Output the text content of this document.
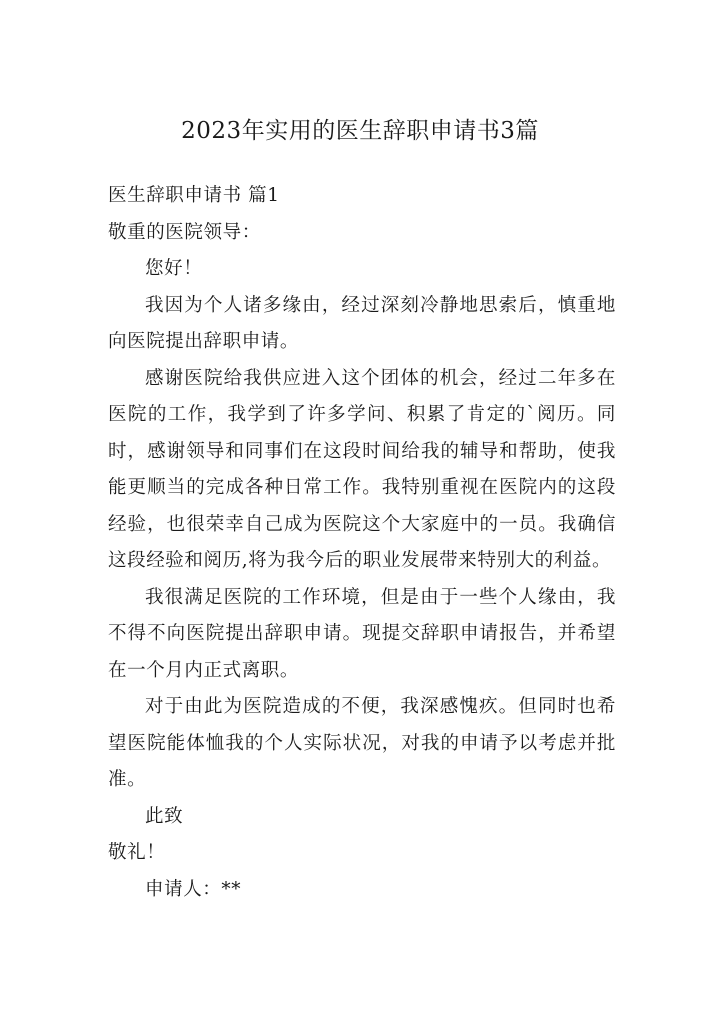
2023年实用的医生辞职申请书3篇

医生辞职申请书 篇1

敬重的医院领导：

您好！

我因为个人诸多缘由，经过深刻冷静地思索后，慎重地向医院提出辞职申请。

感谢医院给我供应进入这个团体的机会，经过二年多在医院的工作，我学到了许多学问、积累了肯定的`阅历。同时，感谢领导和同事们在这段时间给我的辅导和帮助，使我能更顺当的完成各种日常工作。我特别重视在医院内的这段经验，也很荣幸自己成为医院这个大家庭中的一员。我确信这段经验和阅历,将为我今后的职业发展带来特别大的利益。

我很满足医院的工作环境，但是由于一些个人缘由，我不得不向医院提出辞职申请。现提交辞职申请报告，并希望在一个月内正式离职。

对于由此为医院造成的不便，我深感愧疚。但同时也希望医院能体恤我的个人实际状况，对我的申请予以考虑并批准。

此致

敬礼！

申请人：**
